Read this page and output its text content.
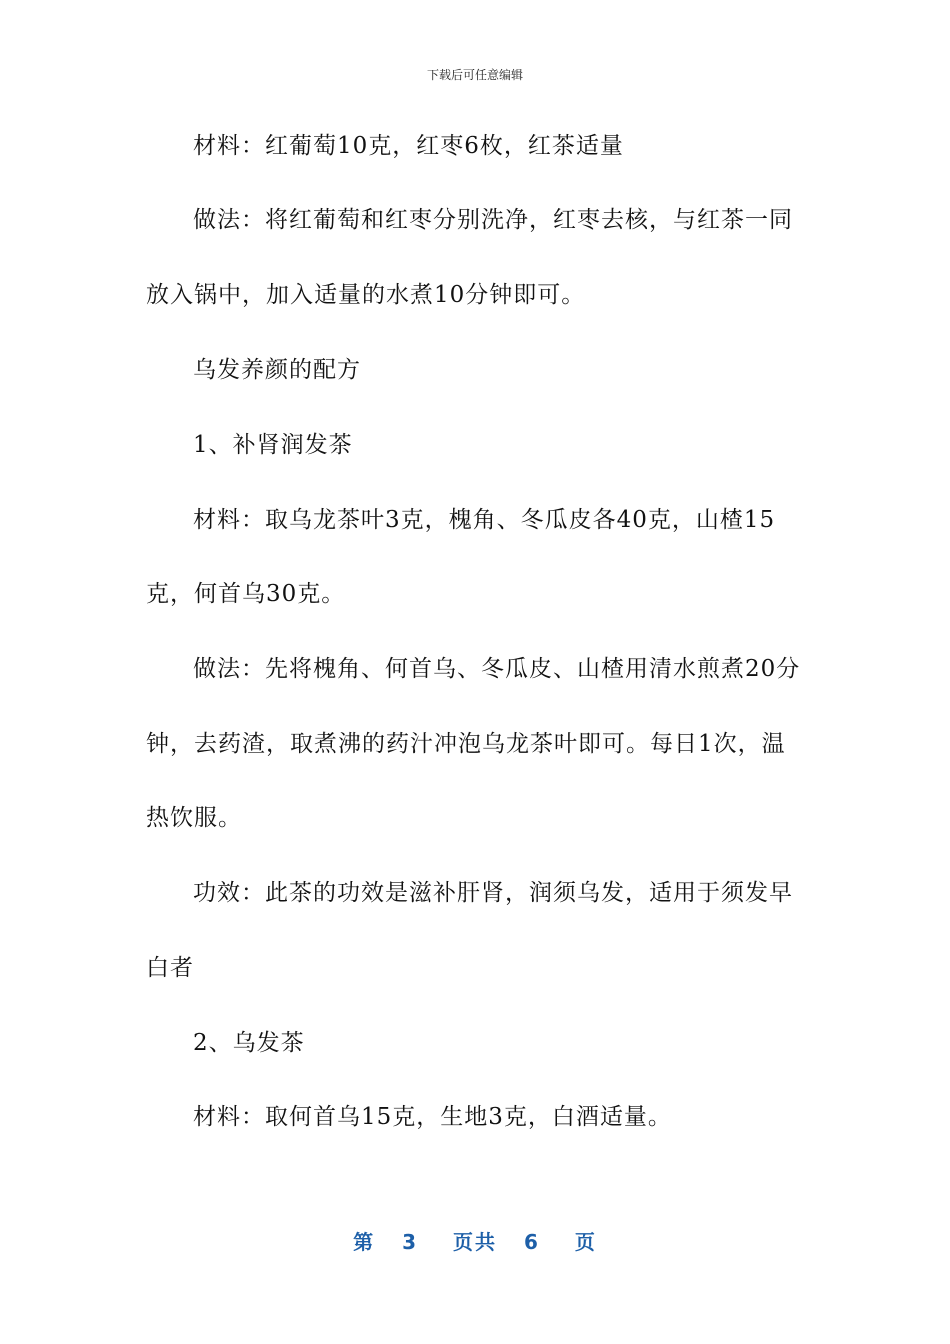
下载后可任意编辑
材料：红葡萄10克，红枣6枚，红茶适量
做法：将红葡萄和红枣分别洗净，红枣去核，与红茶一同
放入锅中，加入适量的水煮10分钟即可。
乌发养颜的配方
1、补肾润发茶
材料：取乌龙茶叶3克，槐角、冬瓜皮各40克，山楂15
克，何首乌30克。
做法：先将槐角、何首乌、冬瓜皮、山楂用清水煎煮20分
钟，去药渣，取煮沸的药汁冲泡乌龙茶叶即可。每日1次，温
热饮服。
功效：此茶的功效是滋补肝肾，润须乌发，适用于须发早
白者
2、乌发茶
材料：取何首乌15克，生地3克，白酒适量。
第 3 页共 6 页
